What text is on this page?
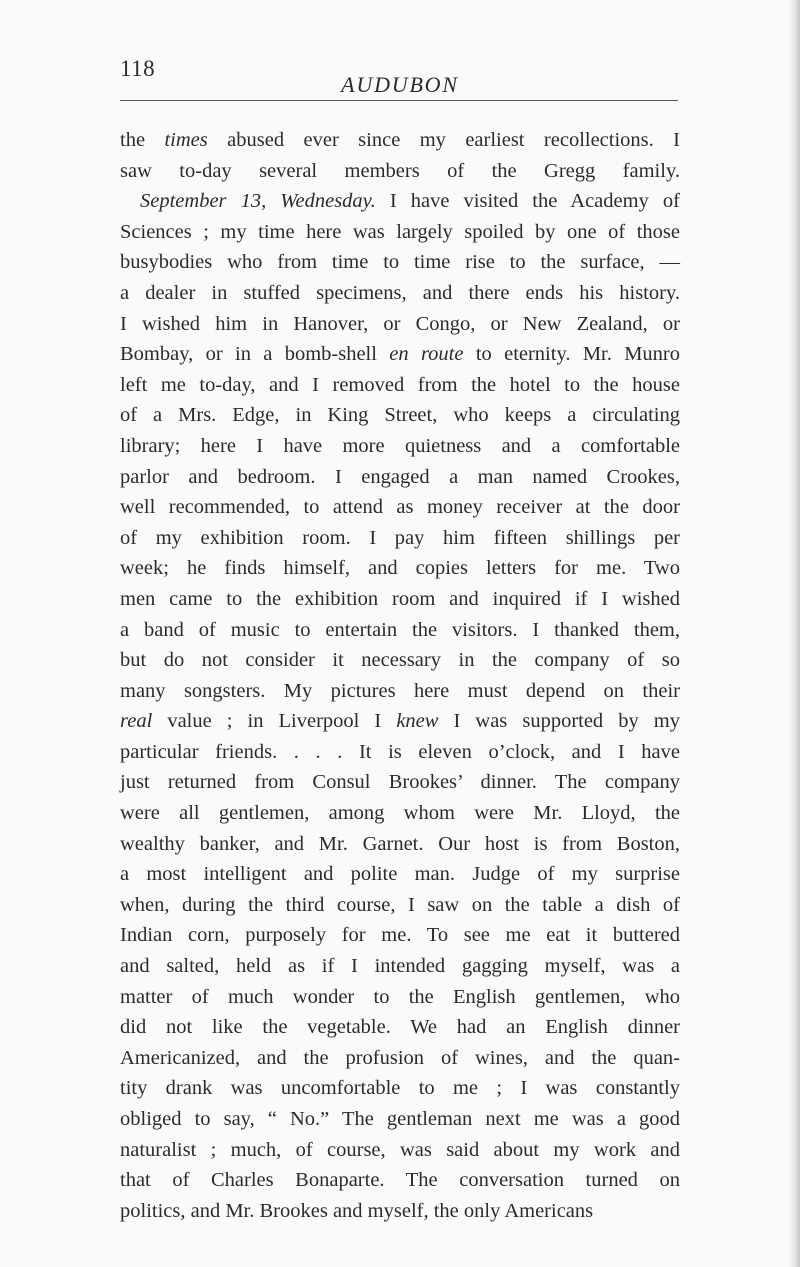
118
AUDUBON
the times abused ever since my earliest recollections. I
saw to-day several members of the Gregg family.
September 13, Wednesday. I have visited the Academy of
Sciences ; my time here was largely spoiled by one of those
busybodies who from time to time rise to the surface, —
a dealer in stuffed specimens, and there ends his history.
I wished him in Hanover, or Congo, or New Zealand, or
Bombay, or in a bomb-shell en route to eternity. Mr. Munro
left me to-day, and I removed from the hotel to the house
of a Mrs. Edge, in King Street, who keeps a circulating
library; here I have more quietness and a comfortable
parlor and bedroom. I engaged a man named Crookes,
well recommended, to attend as money receiver at the door
of my exhibition room. I pay him fifteen shillings per
week; he finds himself, and copies letters for me. Two
men came to the exhibition room and inquired if I wished
a band of music to entertain the visitors. I thanked them,
but do not consider it necessary in the company of so
many songsters. My pictures here must depend on their
real value ; in Liverpool I knew I was supported by my
particular friends. . . . It is eleven o’clock, and I have
just returned from Consul Brookes’ dinner. The company
were all gentlemen, among whom were Mr. Lloyd, the
wealthy banker, and Mr. Garnet. Our host is from Boston,
a most intelligent and polite man. Judge of my surprise
when, during the third course, I saw on the table a dish of
Indian corn, purposely for me. To see me eat it buttered
and salted, held as if I intended gagging myself, was a
matter of much wonder to the English gentlemen, who
did not like the vegetable. We had an English dinner
Americanized, and the profusion of wines, and the quan-
tity drank was uncomfortable to me ; I was constantly
obliged to say, “ No.” The gentleman next me was a good
naturalist ; much, of course, was said about my work and
that of Charles Bonaparte. The conversation turned on
politics, and Mr. Brookes and myself, the only Americans
